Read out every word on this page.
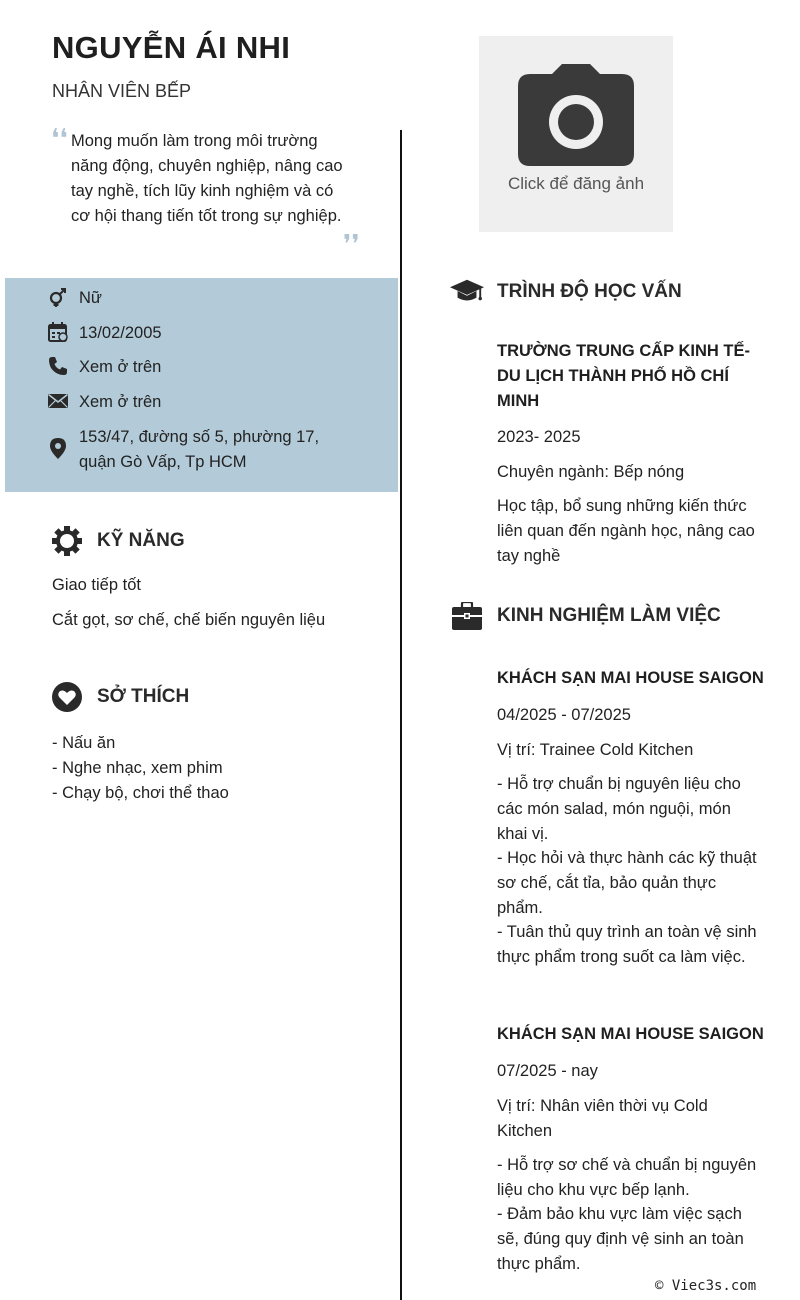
NGUYỄN ÁI NHI
NHÂN VIÊN BẾP
Click để đăng ảnh
❛❛ Mong muốn làm trong môi trường năng động, chuyên nghiệp, nâng cao tay nghề, tích lũy kinh nghiệm và có cơ hội thang tiến tốt trong sự nghiệp.
❜❜
Nữ
13/02/2005
Xem ở trên
Xem ở trên
153/47, đường số 5, phường 17, quận Gò Vấp, Tp HCM
KỸ NĂNG
Giao tiếp tốt
Cắt gọt, sơ chế, chế biến nguyên liệu
SỞ THÍCH
- Nấu ăn
- Nghe nhạc, xem phim
- Chạy bộ, chơi thể thao
TRÌNH ĐỘ HỌC VẤN
TRƯỜNG TRUNG CẤP KINH TẾ- DU LỊCH THÀNH PHỐ HỒ CHÍ MINH
2023- 2025
Chuyên ngành: Bếp nóng
Học tập, bổ sung những kiến thức liên quan đến ngành học, nâng cao tay nghề
KINH NGHIỆM LÀM VIỆC
KHÁCH SẠN MAI HOUSE SAIGON
04/2025 - 07/2025
Vị trí: Trainee Cold Kitchen
- Hỗ trợ chuẩn bị nguyên liệu cho các món salad, món nguội, món khai vị.
- Học hỏi và thực hành các kỹ thuật sơ chế, cắt tỉa, bảo quản thực phẩm.
- Tuân thủ quy trình an toàn vệ sinh thực phẩm trong suốt ca làm việc.
KHÁCH SẠN MAI HOUSE SAIGON
07/2025 - nay
Vị trí: Nhân viên thời vụ Cold Kitchen
- Hỗ trợ sơ chế và chuẩn bị nguyên liệu cho khu vực bếp lạnh.
- Đảm bảo khu vực làm việc sạch sẽ, đúng quy định vệ sinh an toàn thực phẩm.
© Viec3s.com
